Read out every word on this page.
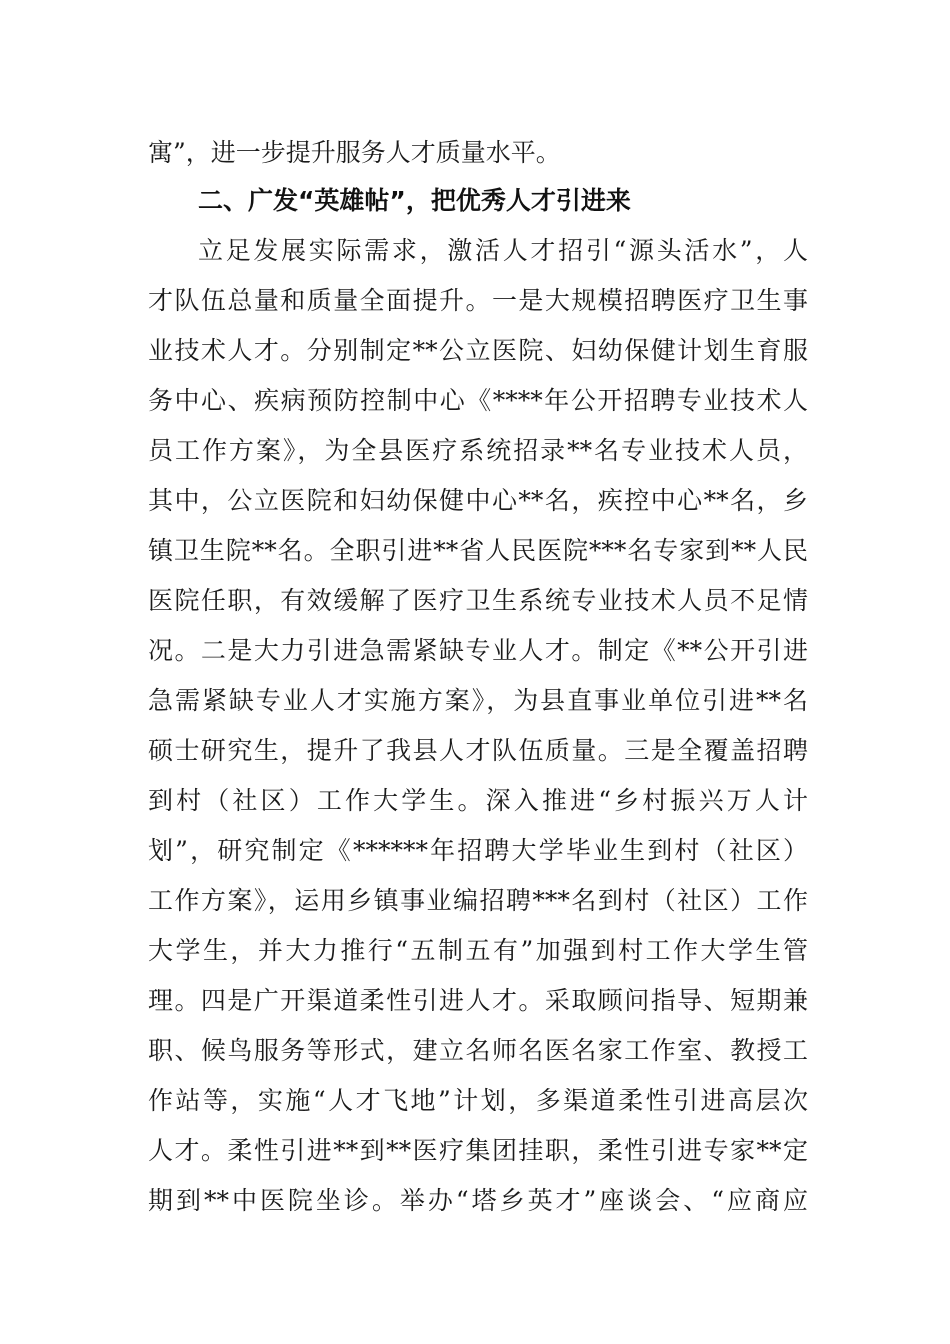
寓”，进一步提升服务人才质量水平。
二、广发“英雄帖”，把优秀人才引进来
立足发展实际需求，激活人才招引“源头活水”，人
才队伍总量和质量全面提升。一是大规模招聘医疗卫生事
业技术人才。分别制定**公立医院、妇幼保健计划生育服
务中心、疾病预防控制中心《****年公开招聘专业技术人
员工作方案》，为全县医疗系统招录**名专业技术人员，
其中，公立医院和妇幼保健中心**名，疾控中心**名，乡
镇卫生院**名。全职引进**省人民医院***名专家到**人民
医院任职，有效缓解了医疗卫生系统专业技术人员不足情
况。二是大力引进急需紧缺专业人才。制定《**公开引进
急需紧缺专业人才实施方案》，为县直事业单位引进**名
硕士研究生，提升了我县人才队伍质量。三是全覆盖招聘
到村（社区）工作大学生。深入推进“乡村振兴万人计
划”，研究制定《******年招聘大学毕业生到村（社区）
工作方案》，运用乡镇事业编招聘***名到村（社区）工作
大学生，并大力推行“五制五有”加强到村工作大学生管
理。四是广开渠道柔性引进人才。采取顾问指导、短期兼
职、候鸟服务等形式，建立名师名医名家工作室、教授工
作站等，实施“人才飞地”计划，多渠道柔性引进高层次
人才。柔性引进**到**医疗集团挂职，柔性引进专家**定
期到**中医院坐诊。举办“塔乡英才”座谈会、“应商应
